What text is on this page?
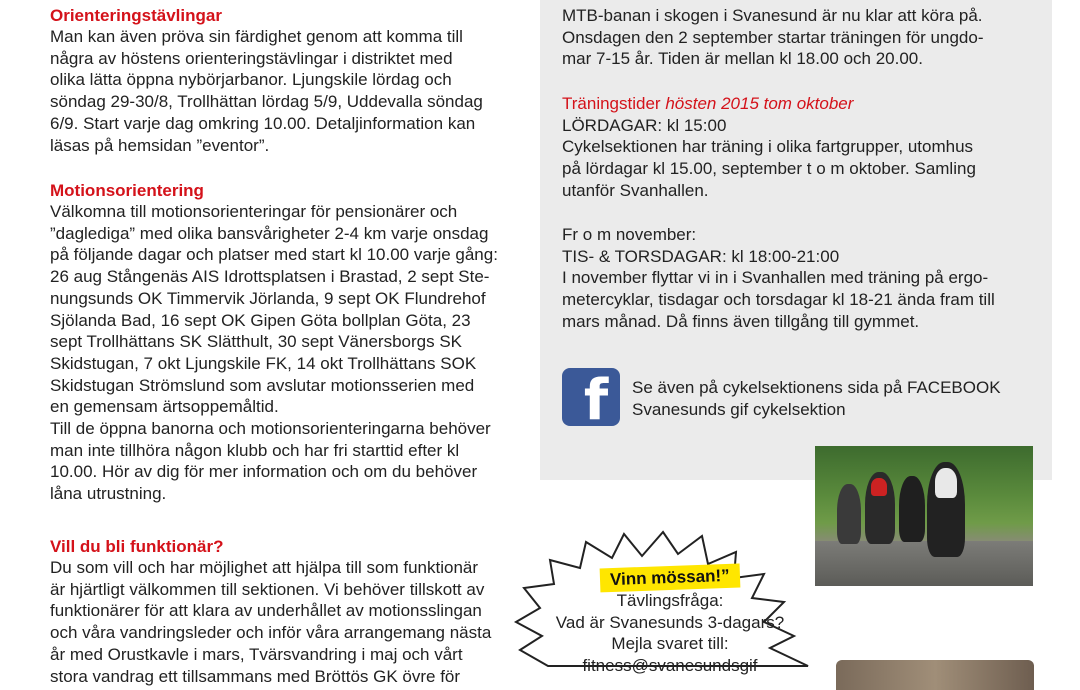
Orienteringstävlingar
Man kan även pröva sin färdighet genom att komma till
några av höstens orienteringstävlingar i distriktet med
olika lätta öppna nybörjarbanor. Ljungskile lördag och
söndag 29-30/8, Trollhättan lördag 5/9, Uddevalla söndag
6/9. Start varje dag omkring 10.00. Detaljinformation kan
läsas på hemsidan ”eventor”.
Motionsorientering
Välkomna till motionsorienteringar för pensionärer och
”daglediga” med olika bansvårigheter 2-4 km varje onsdag
på följande dagar och platser med start kl 10.00 varje gång:
26 aug Stångenäs AIS Idrottsplatsen i Brastad, 2 sept Ste-
nungsunds OK Timmervik Jörlanda, 9 sept OK Flundrehof
Sjölanda Bad, 16 sept OK Gipen Göta bollplan Göta, 23
sept Trollhättans SK Slätthult, 30 sept Vänersborgs SK
Skidstugan, 7 okt Ljungskile FK, 14 okt Trollhättans SOK
Skidstugan Strömslund som avslutar motionsserien med
en gemensam ärtsoppemåltid.
Till de öppna banorna och motionsorienteringarna behöver
man inte tillhöra någon klubb och har fri starttid efter kl
10.00. Hör av dig för mer information och om du behöver
låna utrustning.
Vill du bli funktionär?
Du som vill och har möjlighet att hjälpa till som funktionär
är hjärtligt välkommen till sektionen. Vi behöver tillskott av
funktionärer för att klara av underhållet av motionsslingan
och våra vandringsleder och inför våra arrangemang nästa
år med Orustkavle i mars, Tvärsvandring i maj och vårt
stora vandrag ett tillsammans med Bröttös GK övre för
MTB-banan i skogen i Svanesund är nu klar att köra på.
Onsdagen den 2 september startar träningen för ungdo-
mar 7-15 år. Tiden är mellan kl 18.00 och 20.00.
Träningstider hösten 2015 tom oktober
LÖRDAGAR: kl 15:00
Cykelsektionen har träning i olika fartgrupper, utomhus
på lördagar kl 15.00, september t o m oktober. Samling
utanför Svanhallen.
Fr o m november:
TIS- & TORSDAGAR: kl 18:00-21:00
I november flyttar vi in i Svanhallen med träning på ergo-
metercyklar, tisdagar och torsdagar kl 18-21 ända fram till
mars månad. Då finns även tillgång till gymmet.
f Se även på cykelsektionens sida på FACEBOOK
Svanesunds gif cykelsektion
Vinn mössan!”
Tävlingsfråga:
Vad är Svanesunds 3-dagars?
Mejla svaret till:
fitness@svanesundsgif
